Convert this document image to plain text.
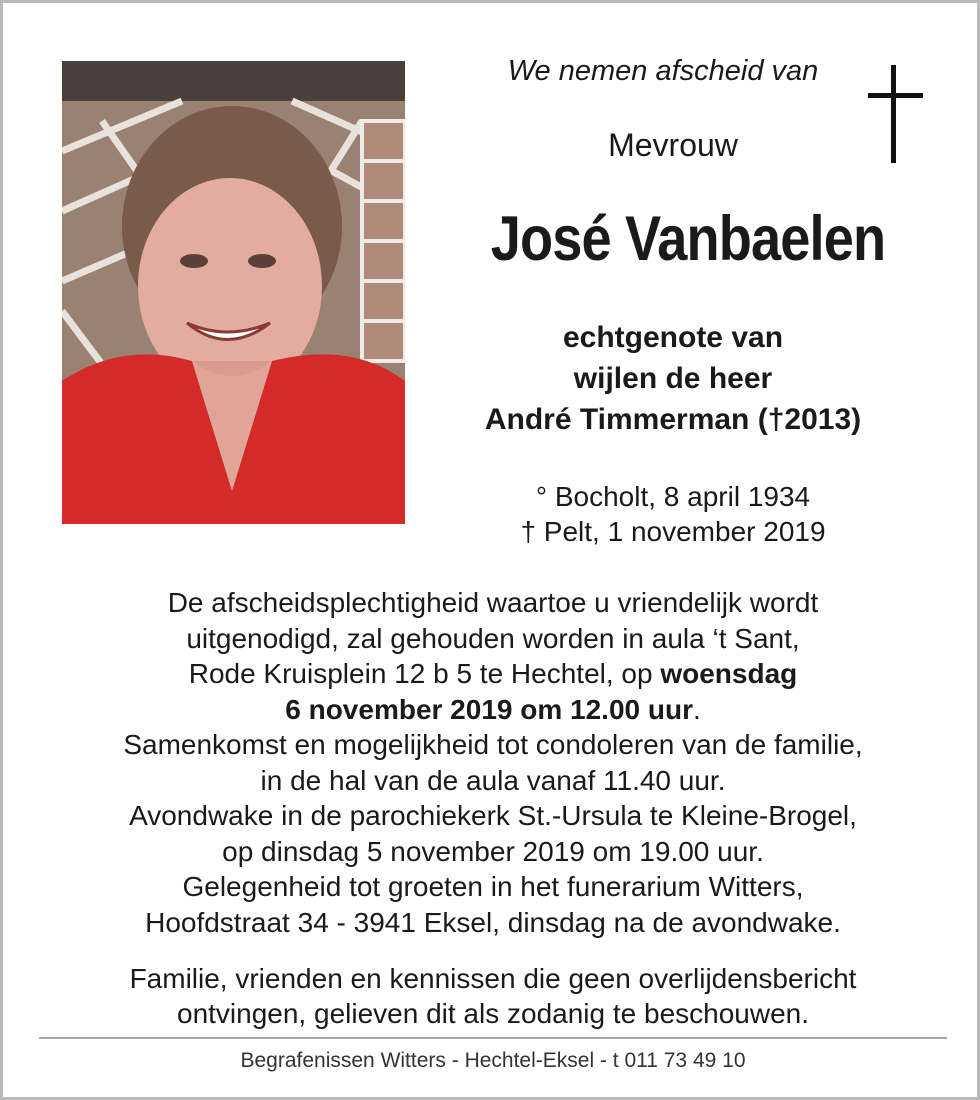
We nemen afscheid van
Mevrouw
José Vanbaelen
echtgenote van
wijlen de heer
André Timmerman (†2013)
° Bocholt, 8 april 1934
† Pelt, 1 november 2019
De afscheidsplechtigheid waartoe u vriendelijk wordt
uitgenodigd, zal gehouden worden in aula ‘t Sant,
Rode Kruisplein 12 b 5 te Hechtel, op woensdag
6 november 2019 om 12.00 uur.
Samenkomst en mogelijkheid tot condoleren van de familie,
in de hal van de aula vanaf 11.40 uur.
Avondwake in de parochiekerk St.-Ursula te Kleine-Brogel,
op dinsdag 5 november 2019 om 19.00 uur.
Gelegenheid tot groeten in het funerarium Witters,
Hoofdstraat 34 - 3941 Eksel, dinsdag na de avondwake.
Familie, vrienden en kennissen die geen overlijdensbericht
ontvingen, gelieven dit als zodanig te beschouwen.
Begrafenissen Witters - Hechtel-Eksel - t 011 73 49 10
